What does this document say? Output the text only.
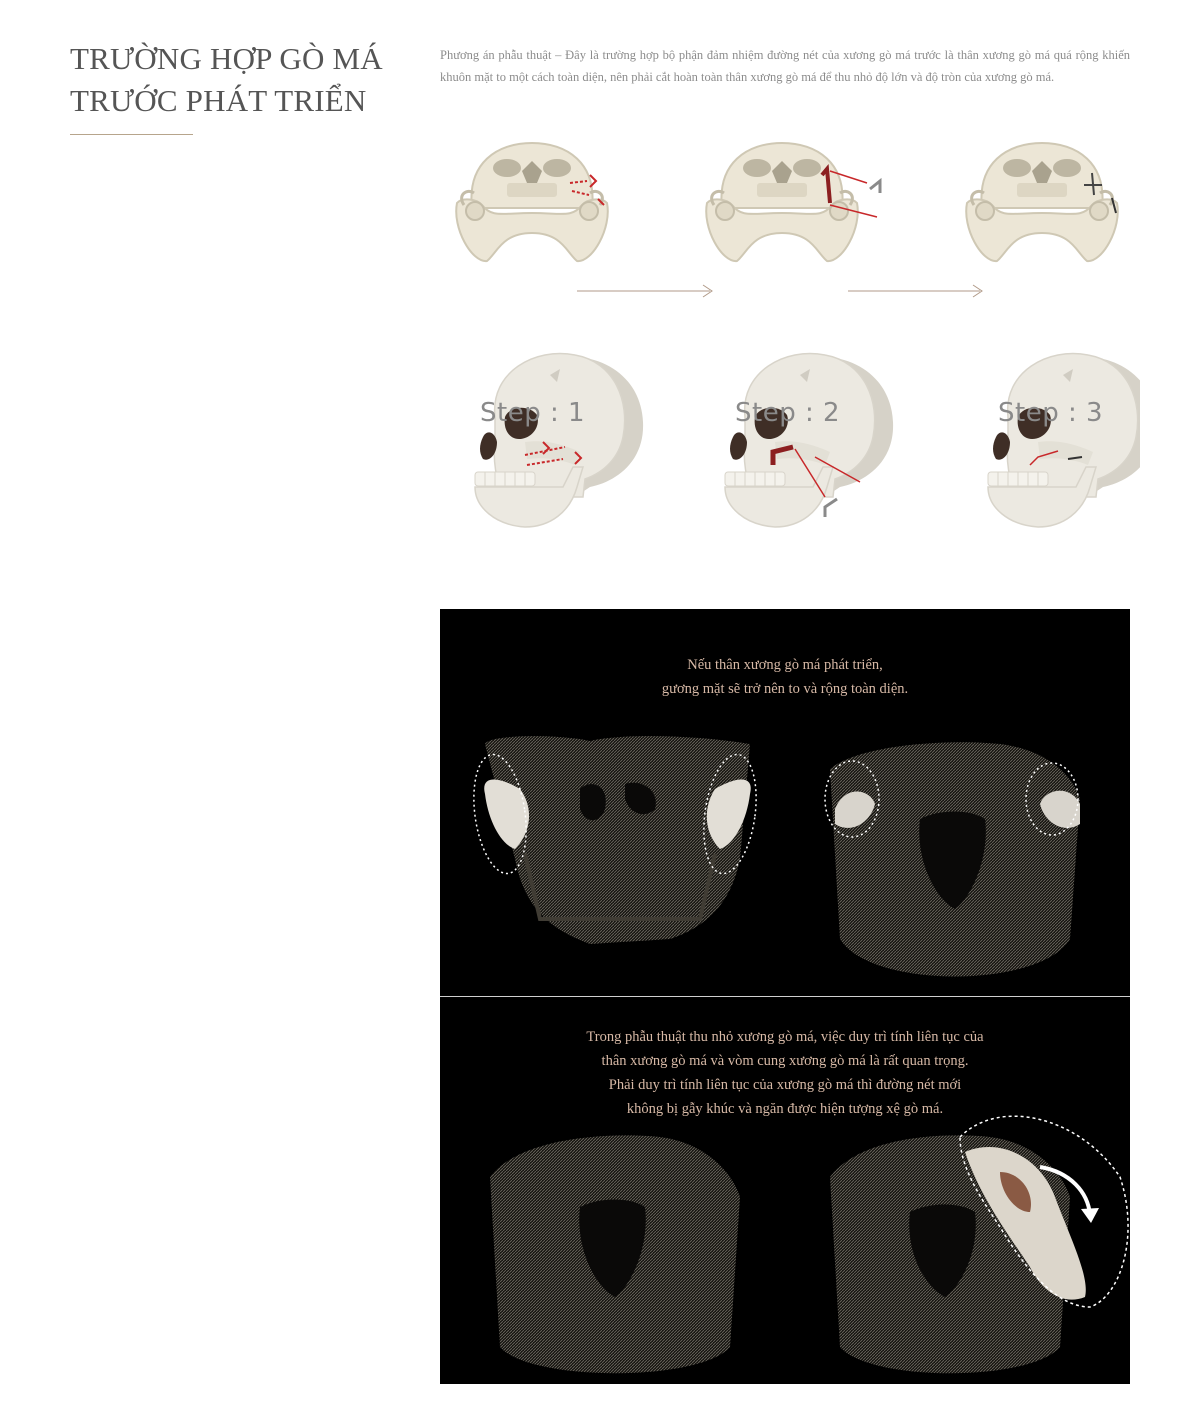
TRƯỜNG HỢP GÒ MÁ
TRƯỚC PHÁT TRIỂN

Phương án phẫu thuật – Đây là trường hợp bộ phận đảm nhiệm đường nét của xương gò má trước là thân xương gò má quá rộng khiến khuôn mặt to một cách toàn diện, nên phải cắt hoàn toàn thân xương gò má để thu nhỏ độ lớn và độ tròn của xương gò má.

Step : 1	Step : 2	Step : 3
Nếu thân xương gò má phát triển,
gương mặt sẽ trở nên to và rộng toàn diện.
Trong phẫu thuật thu nhỏ xương gò má, việc duy trì tính liên tục của
thân xương gò má và vòm cung xương gò má là rất quan trọng.
Phải duy trì tính liên tục của xương gò má thì đường nét mới
không bị gẫy khúc và ngăn được hiện tượng xệ gò má.
